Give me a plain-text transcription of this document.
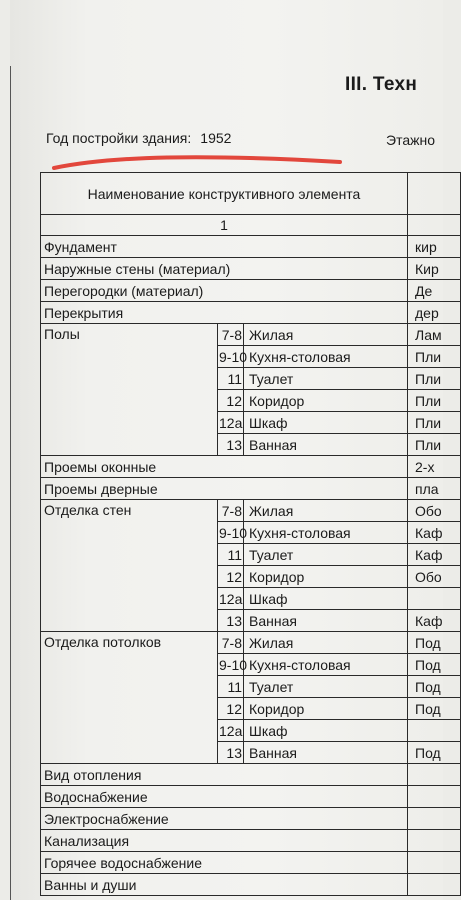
III. Техн
Год постройки здания: 1952	Этажно
Наименование конструктивного элемента			
1			
Фундамент			кир
Наружные стены (материал)			Кир
Перегородки (материал)			Де
Перекрытия			дер
Полы	7-8	Жилая	Лам
	9-10	Кухня-столовая	Пли
	11	Туалет	Пли
	12	Коридор	Пли
	12а	Шкаф	Пли
	13	Ванная	Пли
Проемы оконные			2-х
Проемы дверные			пла
Отделка стен	7-8	Жилая	Обо
	9-10	Кухня-столовая	Каф
	11	Туалет	Каф
	12	Коридор	Обо
	12а	Шкаф	
	13	Ванная	Каф
Отделка потолков	7-8	Жилая	Под
	9-10	Кухня-столовая	Под
	11	Туалет	Под
	12	Коридор	Под
	12а	Шкаф	
	13	Ванная	Под
Вид отопления			
Водоснабжение			
Электроснабжение			
Канализация			
Горячее водоснабжение			
Ванны и души			
